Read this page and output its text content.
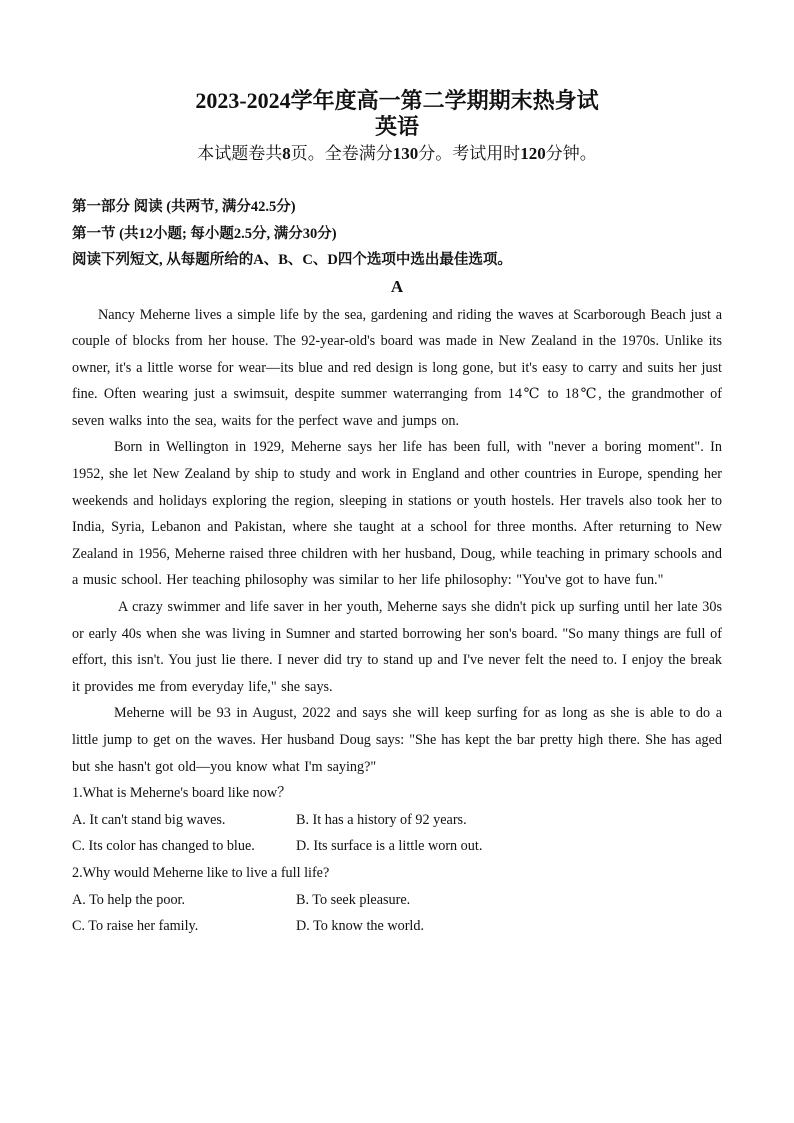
2023-2024学年度高一第二学期期末热身试
英语

本试题卷共8页。全卷满分130分。考试用时120分钟。

第一部分 阅读 (共两节, 满分42.5分)

第一节 (共12小题; 每小题2.5分, 满分30分)

阅读下列短文, 从每题所给的A、B、C、D四个选项中选出最佳选项。

A

Nancy Meherne lives a simple life by the sea, gardening and riding the waves at Scarborough Beach just a couple of blocks from her house. The 92-year-old's board was made in New Zealand in the 1970s. Unlike its owner, it's a little worse for wear—its blue and red design is long gone, but it's easy to carry and suits her just fine. Often wearing just a swimsuit, despite summer waterranging from 14℃ to 18℃, the grandmother of seven walks into the sea, waits for the perfect wave and jumps on.

Born in Wellington in 1929, Meherne says her life has been full, with "never a boring moment". In 1952, she let New Zealand by ship to study and work in England and other countries in Europe, spending her weekends and holidays exploring the region, sleeping in stations or youth hostels. Her travels also took her to India, Syria, Lebanon and Pakistan, where she taught at a school for three months. After returning to New Zealand in 1956, Meherne raised three children with her husband, Doug, while teaching in primary schools and a music school. Her teaching philosophy was similar to her life philosophy: "You've got to have fun."

A crazy swimmer and life saver in her youth, Meherne says she didn't pick up surfing until her late 30s or early 40s when she was living in Sumner and started borrowing her son's board. "So many things are full of effort, this isn't. You just lie there. I never did try to stand up and I've never felt the need to. I enjoy the break it provides me from everyday life," she says.

Meherne will be 93 in August, 2022 and says she will keep surfing for as long as she is able to do a little jump to get on the waves. Her husband Doug says: "She has kept the bar pretty high there. She has aged but she hasn't got old—you know what I'm saying?"

1.What is Meherne's board like now？

A. It can't stand big waves.	B. It has a history of 92 years.
C. Its color has changed to blue.	D. Its surface is a little worn out.

2.Why would Meherne like to live a full life?

A. To help the poor.	B. To seek pleasure.
C. To raise her family.	D. To know the world.
